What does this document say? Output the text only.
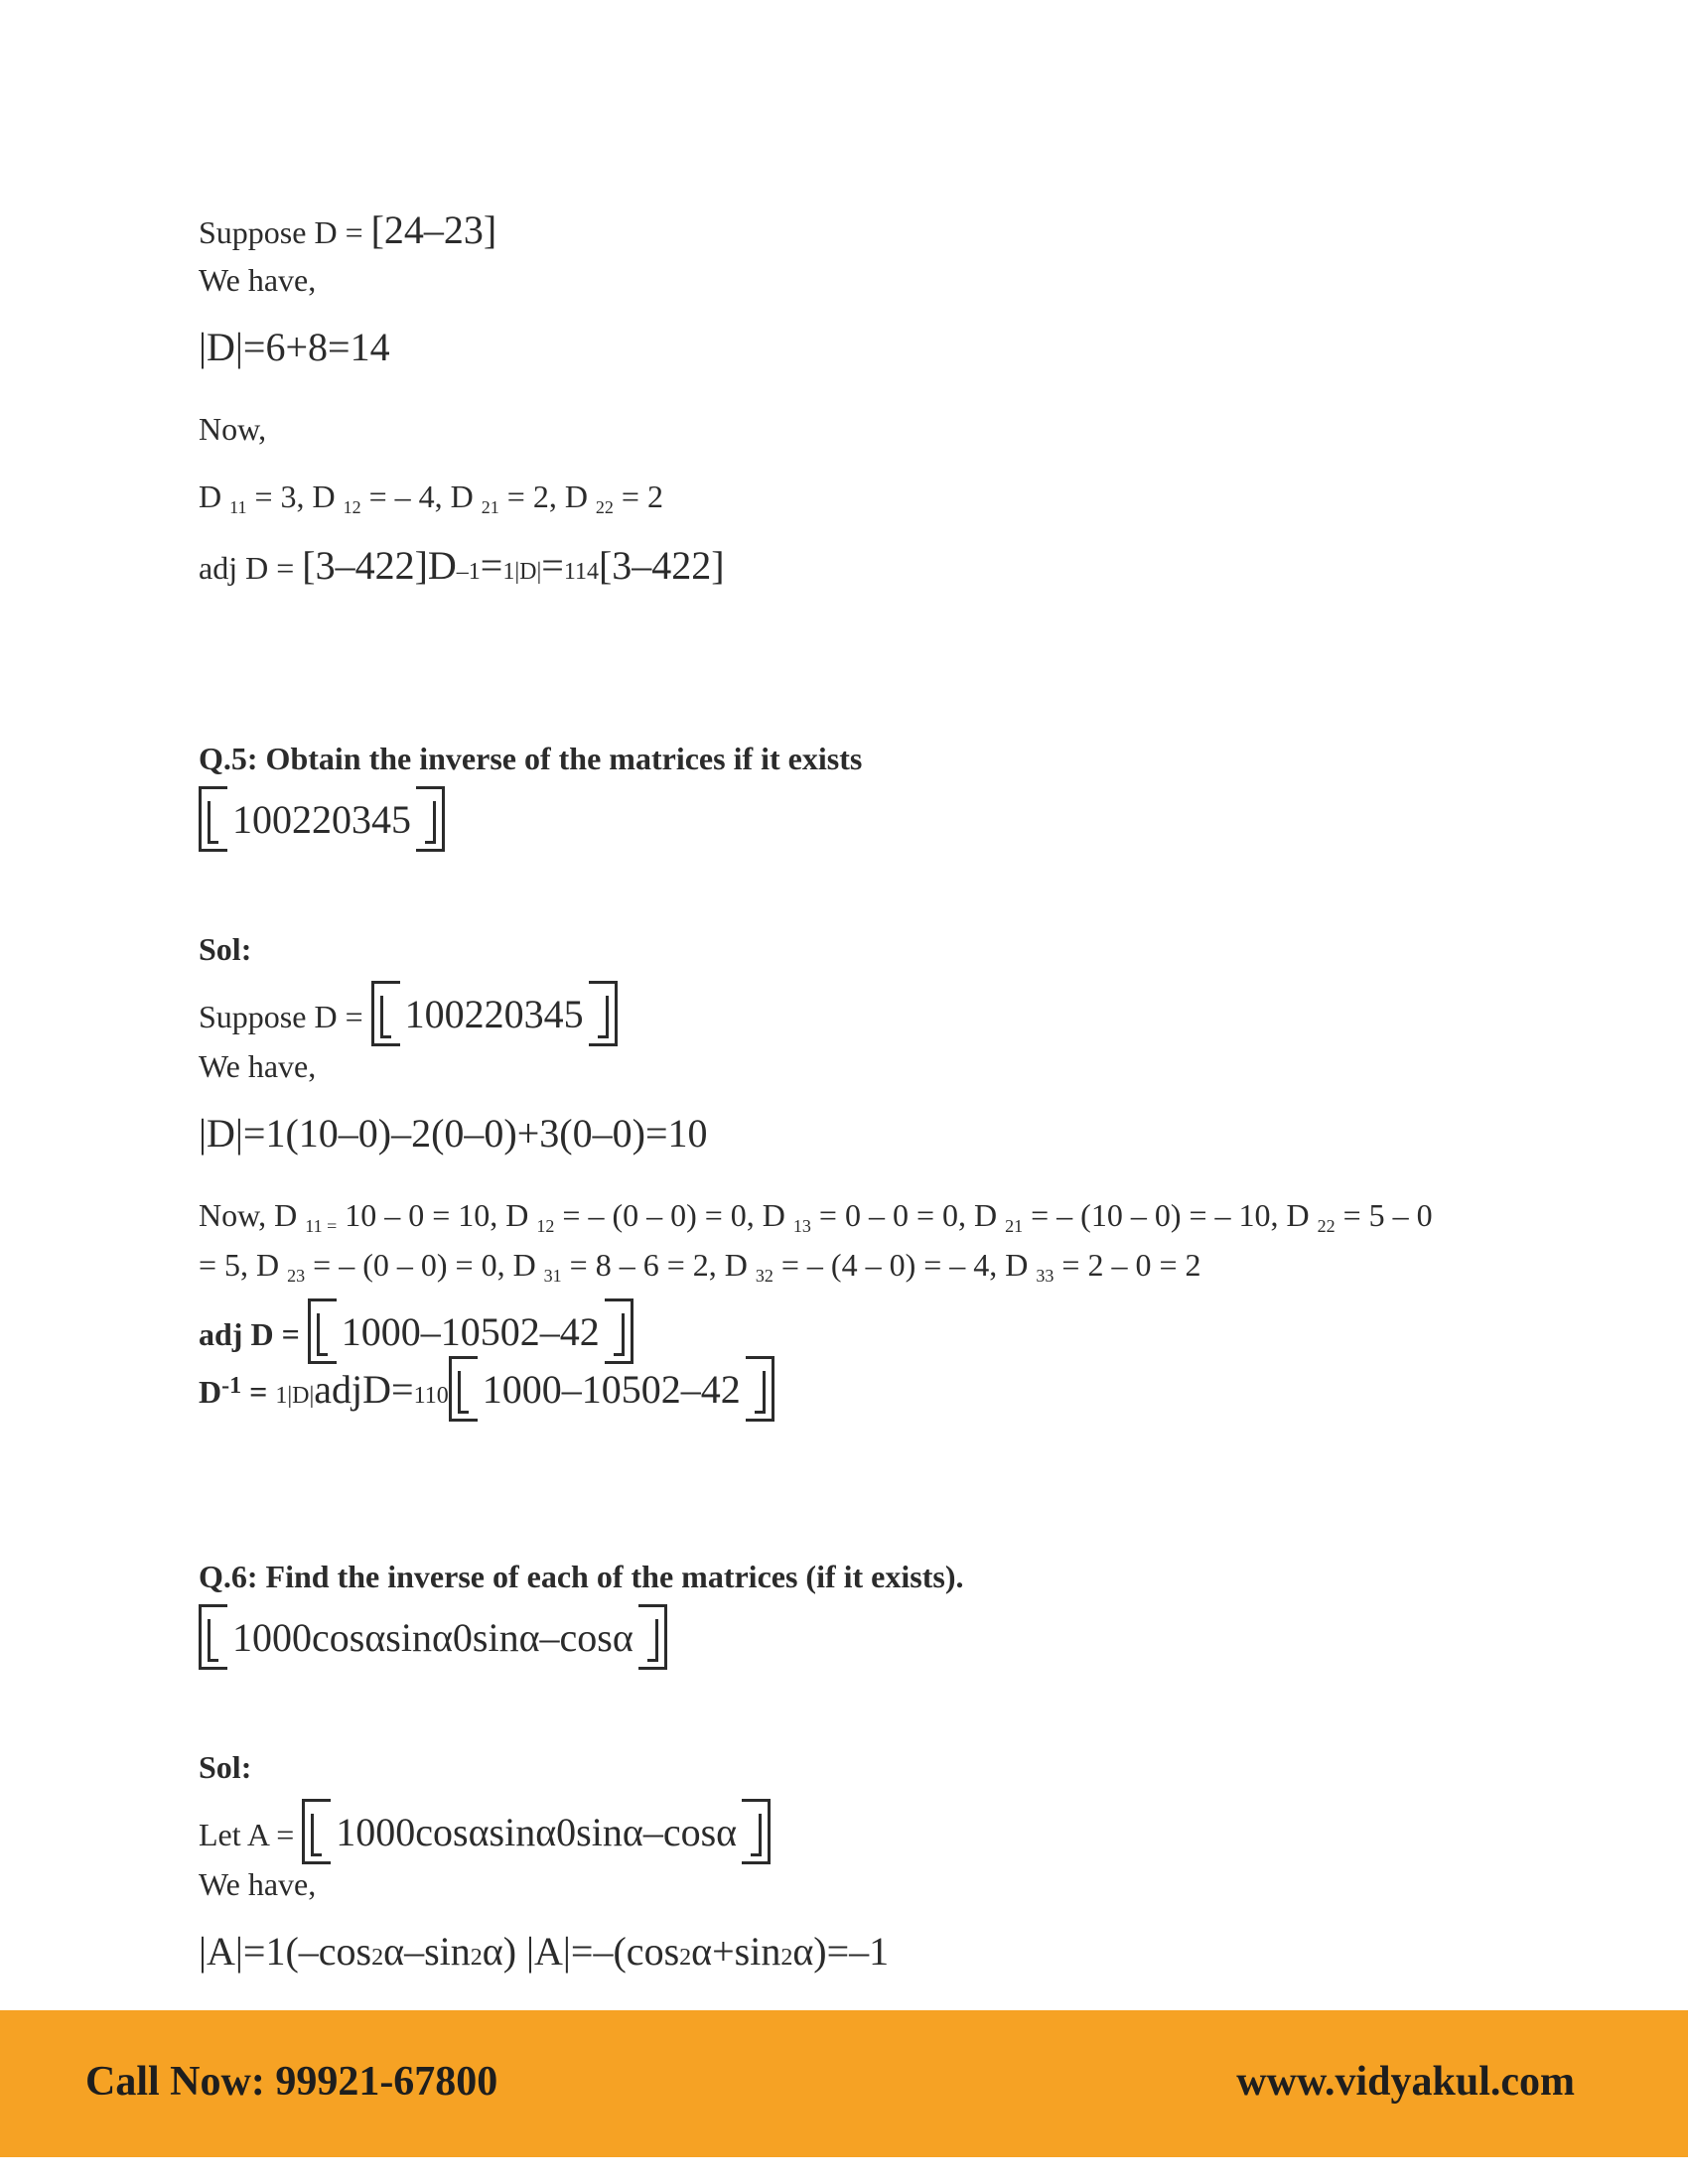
Suppose D = [24–23]
We have,
|D|=6+8=14
Now,
D $_{11}$ = 3, D $_{12}$ = – 4, D $_{21}$ = 2, D $_{22}$ = 2
adj D = [3–422]D–1=1|D|=114[3–422]
Q.5: Obtain the inverse of the matrices if it exists
100220345
Sol:
Suppose D =
100220345
We have,
|D|=1(10–0)–2(0–0)+3(0–0)=10
Now, D $_{11 =}$ 10 – 0 = 10, D $_{12}$ = – (0 – 0) = 0, D $_{13}$ = 0 – 0 = 0, D $_{21}$ = – (10 – 0) = – 10, D $_{22}$ = 5 – 0
= 5, D $_{23}$ = – (0 – 0) = 0, D $_{31}$ = 8 – 6 = 2, D $_{32}$ = – (4 – 0) = – 4, D $_{33}$ = 2 – 0 = 2
adj D =
1000–10502–42
$D^{-1}$ = 1|D|adjD=110 1000–10502–42
Q.6: Find the inverse of each of the matrices (if it exists).
1000cosαsinα0sinα–cosα
Sol:
Let A =
1000cosαsinα0sinα–cosα
We have,
|A|=1(–cos2α–sin2α) |A|=–(cos2α+sin2α)=–1
Call Now: 99921-67800	www.vidyakul.com
